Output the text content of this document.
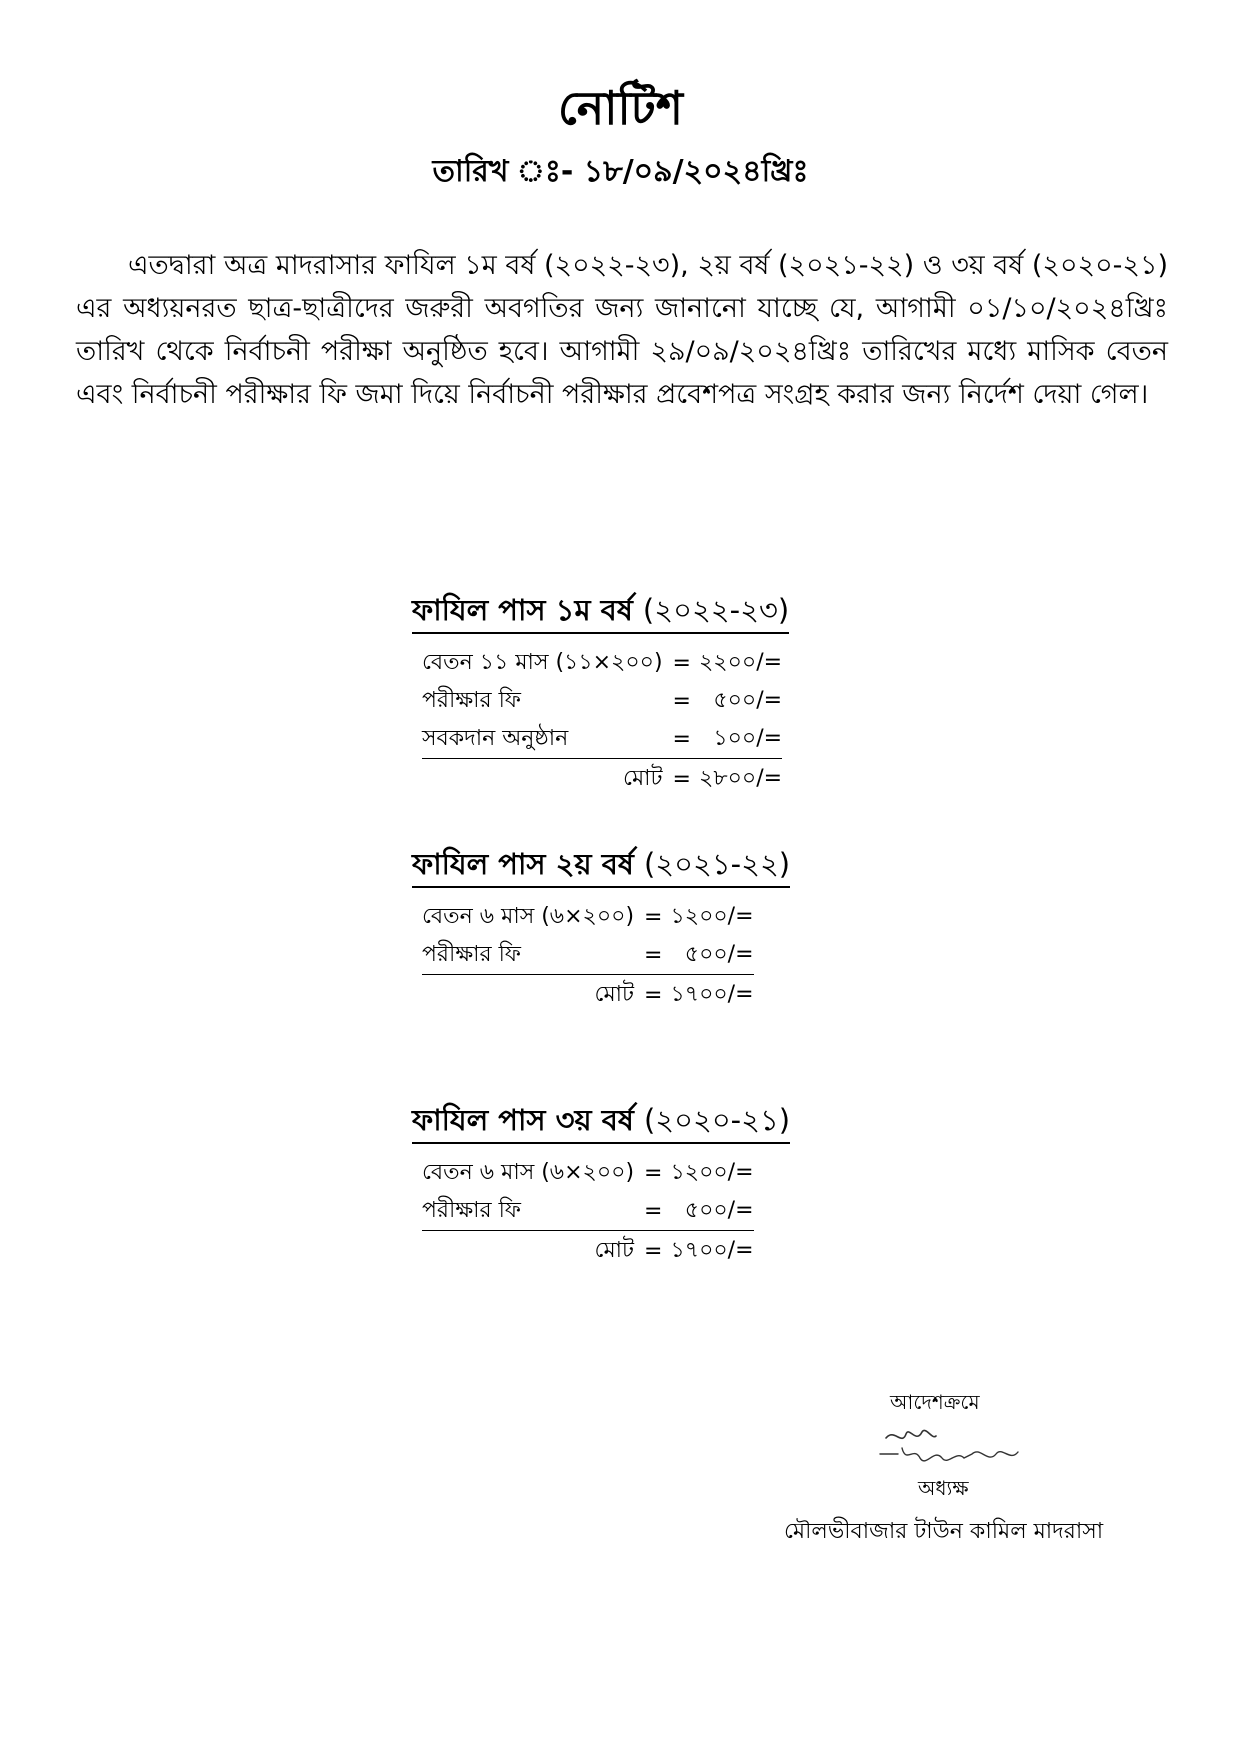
নোটিশ

তারিখ ঃ- ১৮/০৯/২০২৪খ্রিঃ

এতদ্বারা অত্র মাদরাসার ফাযিল ১ম বর্ষ (২০২২-২৩), ২য় বর্ষ (২০২১-২২) ও ৩য় বর্ষ (২০২০-২১) এর অধ্যয়নরত ছাত্র-ছাত্রীদের জরুরী অবগতির জন্য জানানো যাচ্ছে যে, আগামী ০১/১০/২০২৪খ্রিঃ তারিখ থেকে নির্বাচনী পরীক্ষা অনুষ্ঠিত হবে। আগামী ২৯/০৯/২০২৪খ্রিঃ তারিখের মধ্যে মাসিক বেতন এবং নির্বাচনী পরীক্ষার ফি জমা দিয়ে নির্বাচনী পরীক্ষার প্রবেশপত্র সংগ্রহ করার জন্য নির্দেশ দেয়া গেল।

ফাযিল পাস ১ম বর্ষ (২০২২-২৩)
বেতন ১১ মাস (১১×২০০)	=	২২০০/=
পরীক্ষার ফি	=	৫০০/=
সবকদান অনুষ্ঠান	=	১০০/=
মোট	=	২৮০০/=
ফাযিল পাস ২য় বর্ষ (২০২১-২২)
বেতন ৬ মাস (৬×২০০)	=	১২০০/=
পরীক্ষার ফি	=	৫০০/=
মোট	=	১৭০০/=
ফাযিল পাস ৩য় বর্ষ (২০২০-২১)
বেতন ৬ মাস (৬×২০০)	=	১২০০/=
পরীক্ষার ফি	=	৫০০/=
মোট	=	১৭০০/=
আদেশক্রমে
অধ্যক্ষ
মৌলভীবাজার টাউন কামিল মাদরাসা
